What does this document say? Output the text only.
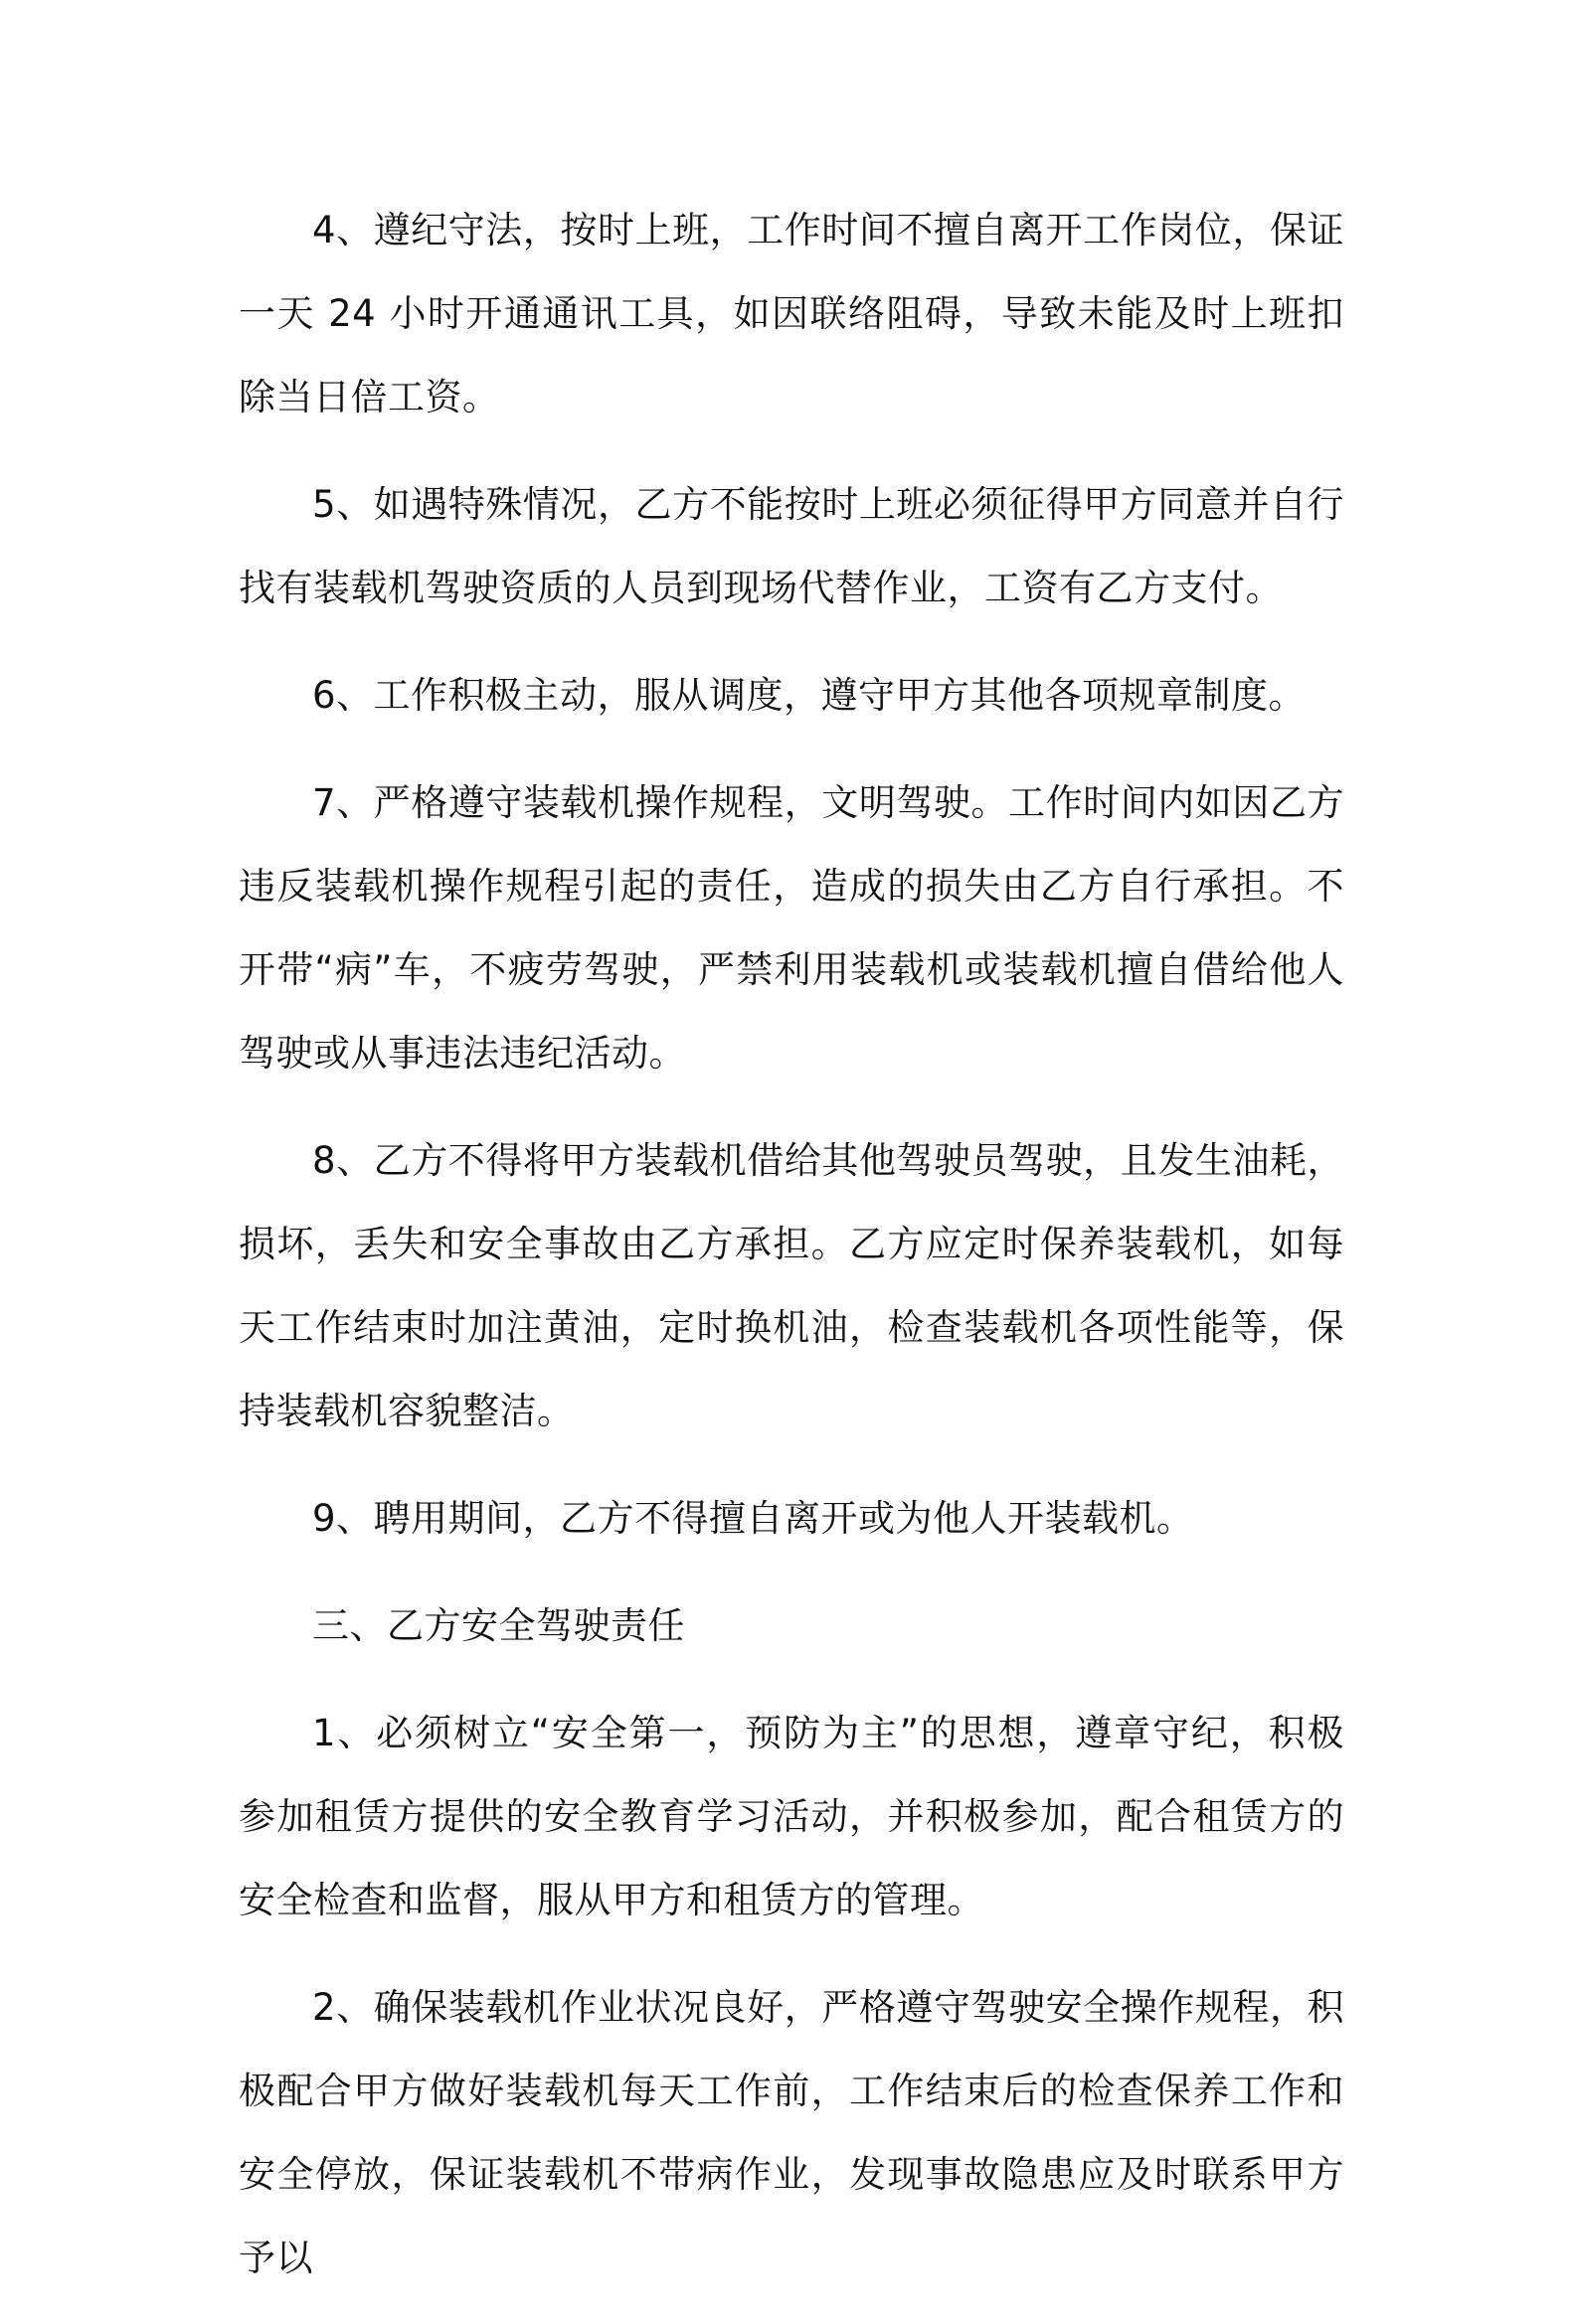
4、遵纪守法，按时上班，工作时间不擅自离开工作岗位，保证一天 24 小时开通通讯工具，如因联络阻碍，导致未能及时上班扣除当日倍工资。

5、如遇特殊情况，乙方不能按时上班必须征得甲方同意并自行找有装载机驾驶资质的人员到现场代替作业，工资有乙方支付。

6、工作积极主动，服从调度，遵守甲方其他各项规章制度。

7、严格遵守装载机操作规程，文明驾驶。工作时间内如因乙方违反装载机操作规程引起的责任，造成的损失由乙方自行承担。不开带“病”车，不疲劳驾驶，严禁利用装载机或装载机擅自借给他人驾驶或从事违法违纪活动。

8、乙方不得将甲方装载机借给其他驾驶员驾驶，且发生油耗，损坏，丢失和安全事故由乙方承担。乙方应定时保养装载机，如每天工作结束时加注黄油，定时换机油，检查装载机各项性能等，保持装载机容貌整洁。

9、聘用期间，乙方不得擅自离开或为他人开装载机。

三、乙方安全驾驶责任

1、必须树立“安全第一，预防为主”的思想，遵章守纪，积极参加租赁方提供的安全教育学习活动，并积极参加，配合租赁方的安全检查和监督，服从甲方和租赁方的管理。

2、确保装载机作业状况良好，严格遵守驾驶安全操作规程，积极配合甲方做好装载机每天工作前，工作结束后的检查保养工作和安全停放，保证装载机不带病作业，发现事故隐患应及时联系甲方予以
